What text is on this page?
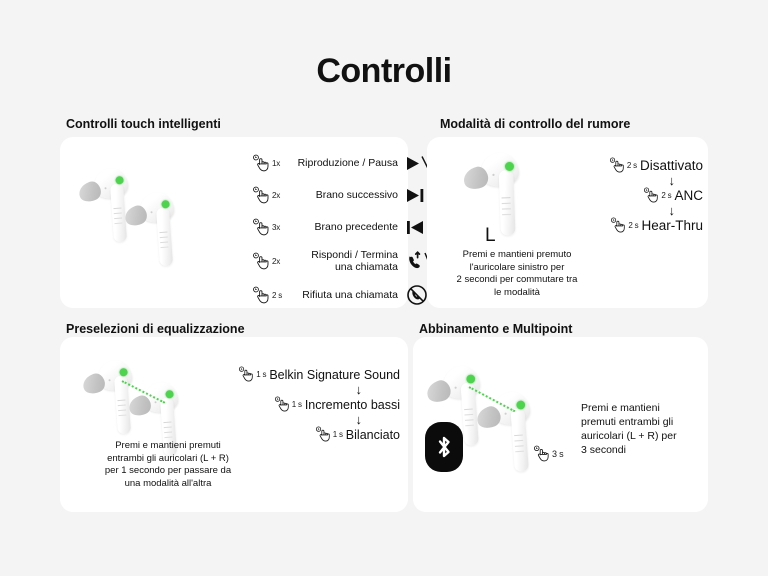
Controlli
Controlli touch intelligenti	Modalità di controllo del rumore
Preselezioni di equalizzazione	Abbinamento e Multipoint
1x	Riproduzione / Pausa
2x	Brano successivo
3x	Brano precedente
2x	Rispondi / Termina
una chiamata
2 s	Rifiuta una chiamata
L
Premi e mantieni premuto
l'auricolare sinistro per
2 secondi per commutare tra
le modalità
2 s Disattivato
↓
2 s ANC
↓
2 s Hear-Thru
Premi e mantieni premuti
entrambi gli auricolari (L + R)
per 1 secondo per passare da
una modalità all'altra
1 s Belkin Signature Sound
↓
1 s Incremento bassi
↓
1 s Bilanciato
3 s
Premi e mantieni
premuti entrambi gli
auricolari (L + R) per
3 secondi
